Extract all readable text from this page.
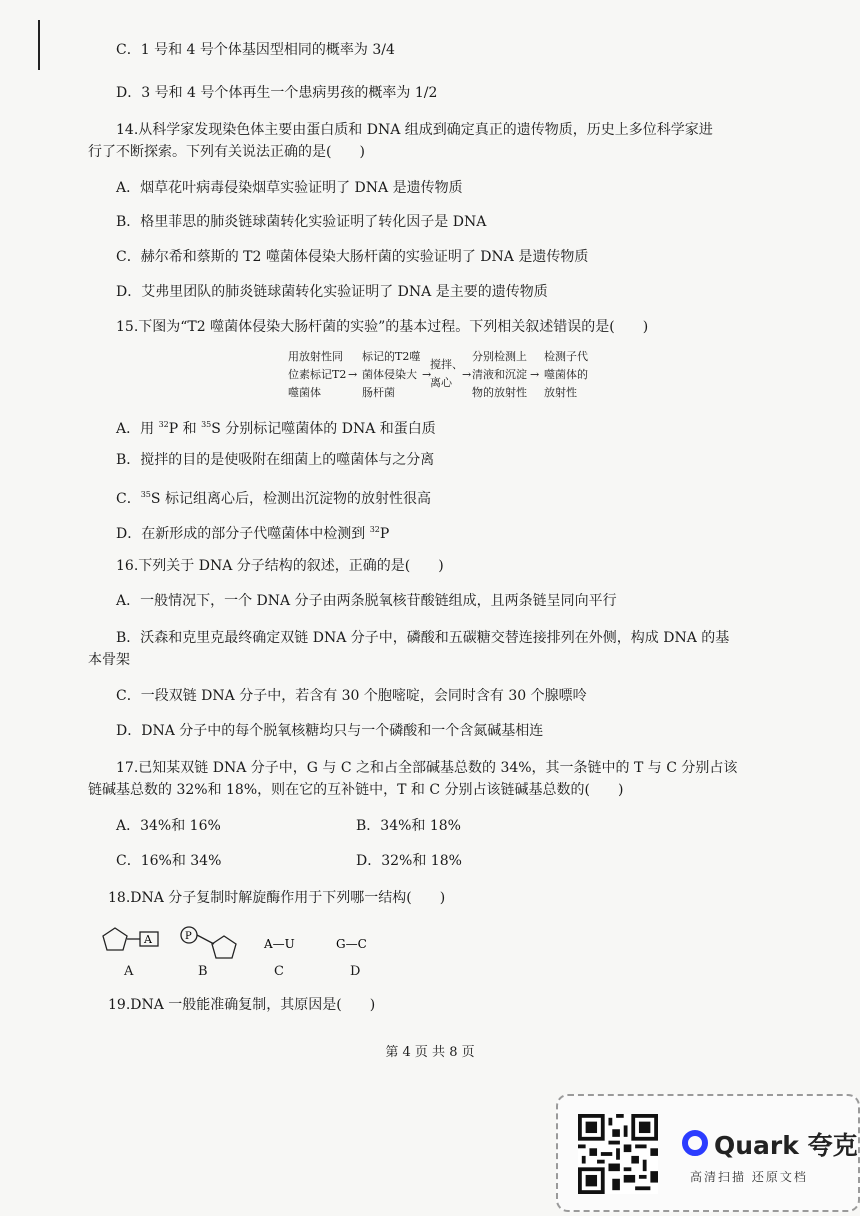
C．1 号和 4 号个体基因型相同的概率为 3/4
D．3 号和 4 号个体再生一个患病男孩的概率为 1/2
14.从科学家发现染色体主要由蛋白质和 DNA 组成到确定真正的遗传物质，历史上多位科学家进
行了不断探索。下列有关说法正确的是(　　)
A．烟草花叶病毒侵染烟草实验证明了 DNA 是遗传物质
B．格里菲思的肺炎链球菌转化实验证明了转化因子是 DNA
C．赫尔希和蔡斯的 T2 噬菌体侵染大肠杆菌的实验证明了 DNA 是遗传物质
D．艾弗里团队的肺炎链球菌转化实验证明了 DNA 是主要的遗传物质
15.下图为“T2 噬菌体侵染大肠杆菌的实验”的基本过程。下列相关叙述错误的是(　　)
用放射性同
位素标记T2
噬菌体
→
标记的T2噬
菌体侵染大
肠杆菌
→
搅拌、
离心
→
分别检测上
清液和沉淀
物的放射性
→
检测子代
噬菌体的
放射性
A．用 $^{32}$P 和 $^{35}$S 分别标记噬菌体的 DNA 和蛋白质
B．搅拌的目的是使吸附在细菌上的噬菌体与之分离
C．$^{35}$S 标记组离心后，检测出沉淀物的放射性很高
D．在新形成的部分子代噬菌体中检测到 $^{32}$P
16.下列关于 DNA 分子结构的叙述，正确的是(　　)
A．一般情况下，一个 DNA 分子由两条脱氧核苷酸链组成，且两条链呈同向平行
B．沃森和克里克最终确定双链 DNA 分子中，磷酸和五碳糖交替连接排列在外侧，构成 DNA 的基
本骨架
C．一段双链 DNA 分子中，若含有 30 个胞嘧啶，会同时含有 30 个腺嘌呤
D．DNA 分子中的每个脱氧核糖均只与一个磷酸和一个含氮碱基相连
17.已知某双链 DNA 分子中，G 与 C 之和占全部碱基总数的 34%，其一条链中的 T 与 C 分别占该
链碱基总数的 32%和 18%，则在它的互补链中，T 和 C 分别占该链碱基总数的(　　)
A．34%和 16%	B．34%和 18%
C．16%和 34%	D．32%和 18%
18.DNA 分子复制时解旋酶作用于下列哪一结构(　　)
A	P
A—U	G—C
A	B	C	D
19.DNA 一般能准确复制，其原因是(　　)
第 4 页 共 8 页
Quark 夸克
高清扫描 还原文档
